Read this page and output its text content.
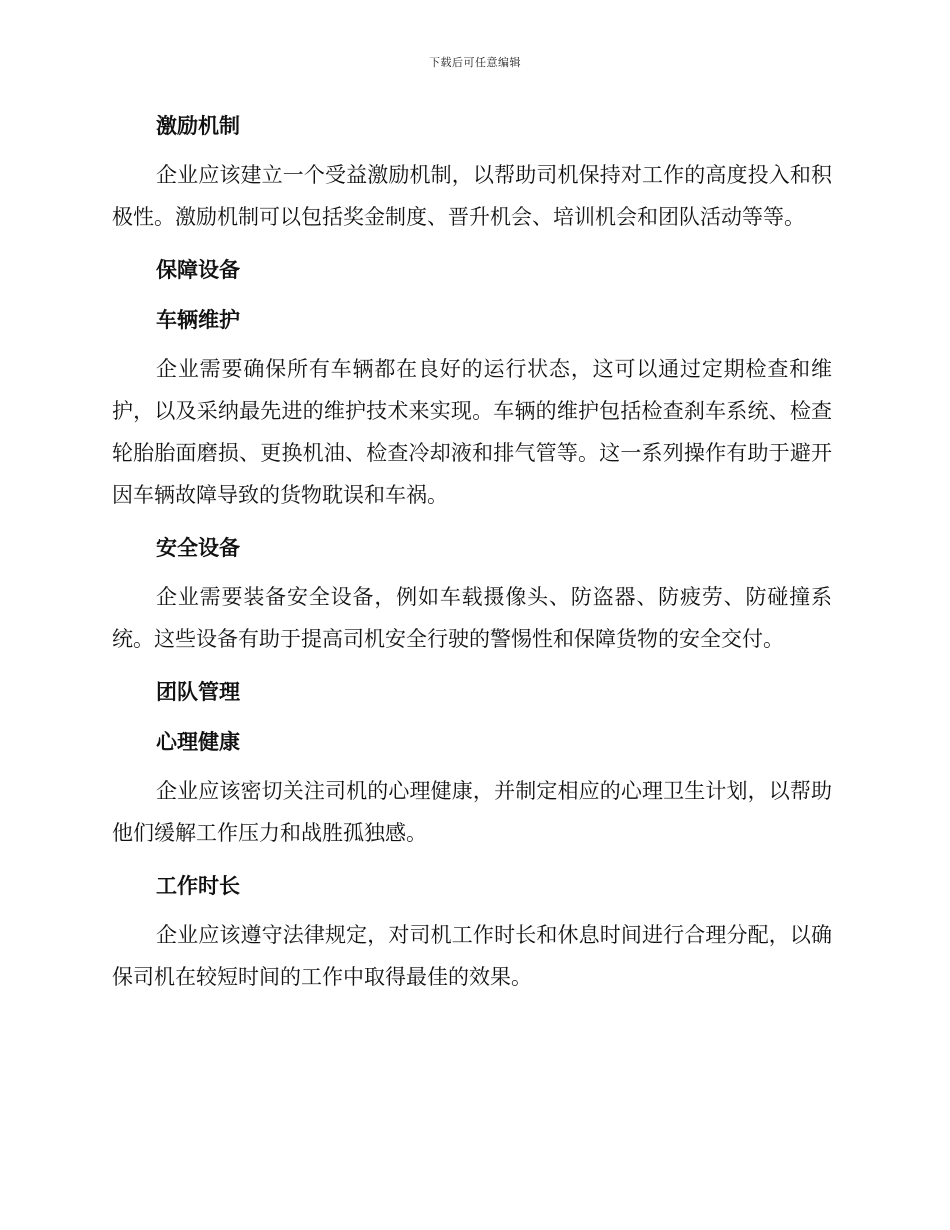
下载后可任意编辑
激励机制

企业应该建立一个受益激励机制，以帮助司机保持对工作的高度投入和积极性。激励机制可以包括奖金制度、晋升机会、培训机会和团队活动等等。

保障设备
车辆维护

企业需要确保所有车辆都在良好的运行状态，这可以通过定期检查和维护，以及采纳最先进的维护技术来实现。车辆的维护包括检查刹车系统、检查轮胎胎面磨损、更换机油、检查冷却液和排气管等。这一系列操作有助于避开因车辆故障导致的货物耽误和车祸。

安全设备

企业需要装备安全设备，例如车载摄像头、防盗器、防疲劳、防碰撞系统。这些设备有助于提高司机安全行驶的警惕性和保障货物的安全交付。

团队管理
心理健康

企业应该密切关注司机的心理健康，并制定相应的心理卫生计划，以帮助他们缓解工作压力和战胜孤独感。

工作时长

企业应该遵守法律规定，对司机工作时长和休息时间进行合理分配，以确保司机在较短时间的工作中取得最佳的效果。
